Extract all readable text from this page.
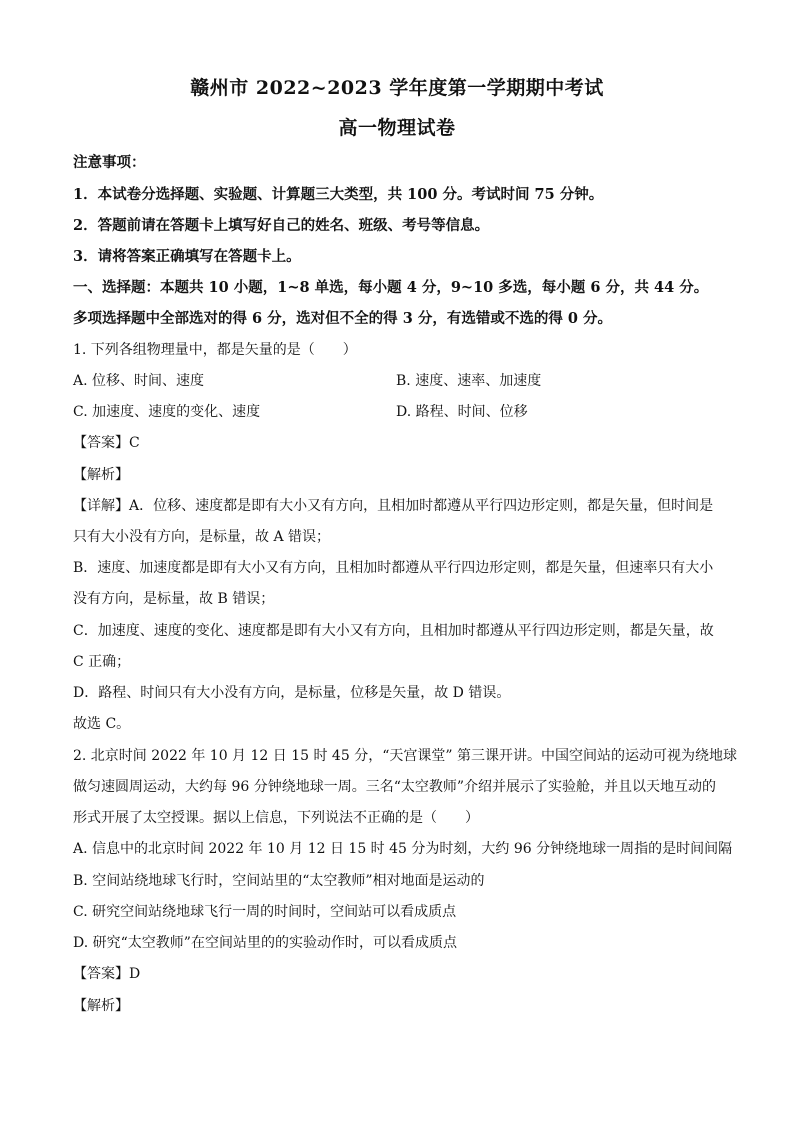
赣州市 2022~2023 学年度第一学期期中考试
高一物理试卷
注意事项：
1．本试卷分选择题、实验题、计算题三大类型，共 100 分。考试时间 75 分钟。
2．答题前请在答题卡上填写好自己的姓名、班级、考号等信息。
3．请将答案正确填写在答题卡上。
一、选择题：本题共 10 小题，1~8 单选，每小题 4 分，9~10 多选，每小题 6 分，共 44 分。
多项选择题中全部选对的得 6 分，选对但不全的得 3 分，有选错或不选的得 0 分。
1. 下列各组物理量中，都是矢量的是（　　）
A. 位移、时间、速度	B. 速度、速率、加速度
C. 加速度、速度的变化、速度	D. 路程、时间、位移
【答案】C
【解析】
【详解】A．位移、速度都是即有大小又有方向，且相加时都遵从平行四边形定则，都是矢量，但时间是
只有大小没有方向，是标量，故 A 错误；
B．速度、加速度都是即有大小又有方向，且相加时都遵从平行四边形定则，都是矢量，但速率只有大小
没有方向，是标量，故 B 错误；
C．加速度、速度的变化、速度都是即有大小又有方向，且相加时都遵从平行四边形定则，都是矢量，故
C 正确；
D．路程、时间只有大小没有方向，是标量，位移是矢量，故 D 错误。
故选 C。
2. 北京时间 2022 年 10 月 12 日 15 时 45 分，“天宫课堂” 第三课开讲。中国空间站的运动可视为绕地球
做匀速圆周运动，大约每 96 分钟绕地球一周。三名“太空教师”介绍并展示了实验舱，并且以天地互动的
形式开展了太空授课。据以上信息，下列说法不正确的是（　　）
A. 信息中的北京时间 2022 年 10 月 12 日 15 时 45 分为时刻，大约 96 分钟绕地球一周指的是时间间隔
B. 空间站绕地球飞行时，空间站里的“太空教师”相对地面是运动的
C. 研究空间站绕地球飞行一周的时间时，空间站可以看成质点
D. 研究“太空教师”在空间站里的的实验动作时，可以看成质点
【答案】D
【解析】
